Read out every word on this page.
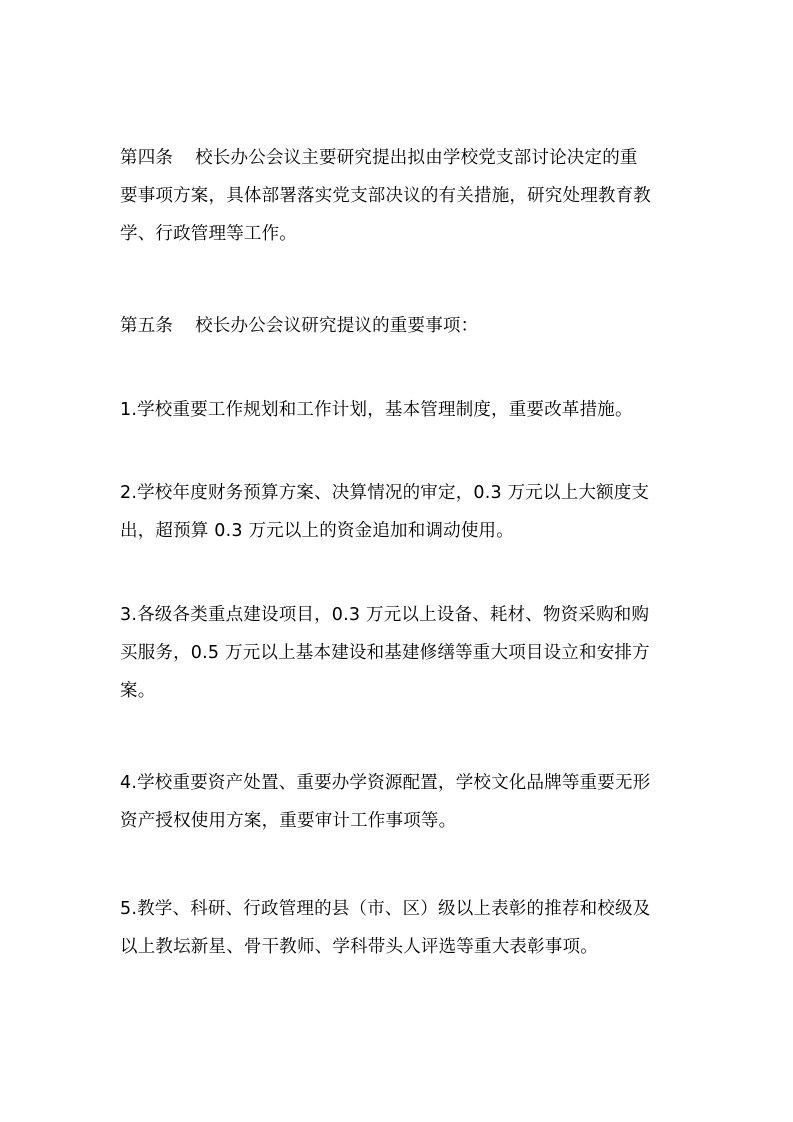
第四条 校长办公会议主要研究提出拟由学校党支部讨论决定的重
要事项方案，具体部署落实党支部决议的有关措施，研究处理教育教
学、行政管理等工作。
第五条 校长办公会议研究提议的重要事项：
1.学校重要工作规划和工作计划，基本管理制度，重要改革措施。
2.学校年度财务预算方案、决算情况的审定，0.3 万元以上大额度支
出，超预算 0.3 万元以上的资金追加和调动使用。
3.各级各类重点建设项目，0.3 万元以上设备、耗材、物资采购和购
买服务，0.5 万元以上基本建设和基建修缮等重大项目设立和安排方
案。
4.学校重要资产处置、重要办学资源配置，学校文化品牌等重要无形
资产授权使用方案，重要审计工作事项等。
5.教学、科研、行政管理的县（市、区）级以上表彰的推荐和校级及
以上教坛新星、骨干教师、学科带头人评选等重大表彰事项。
